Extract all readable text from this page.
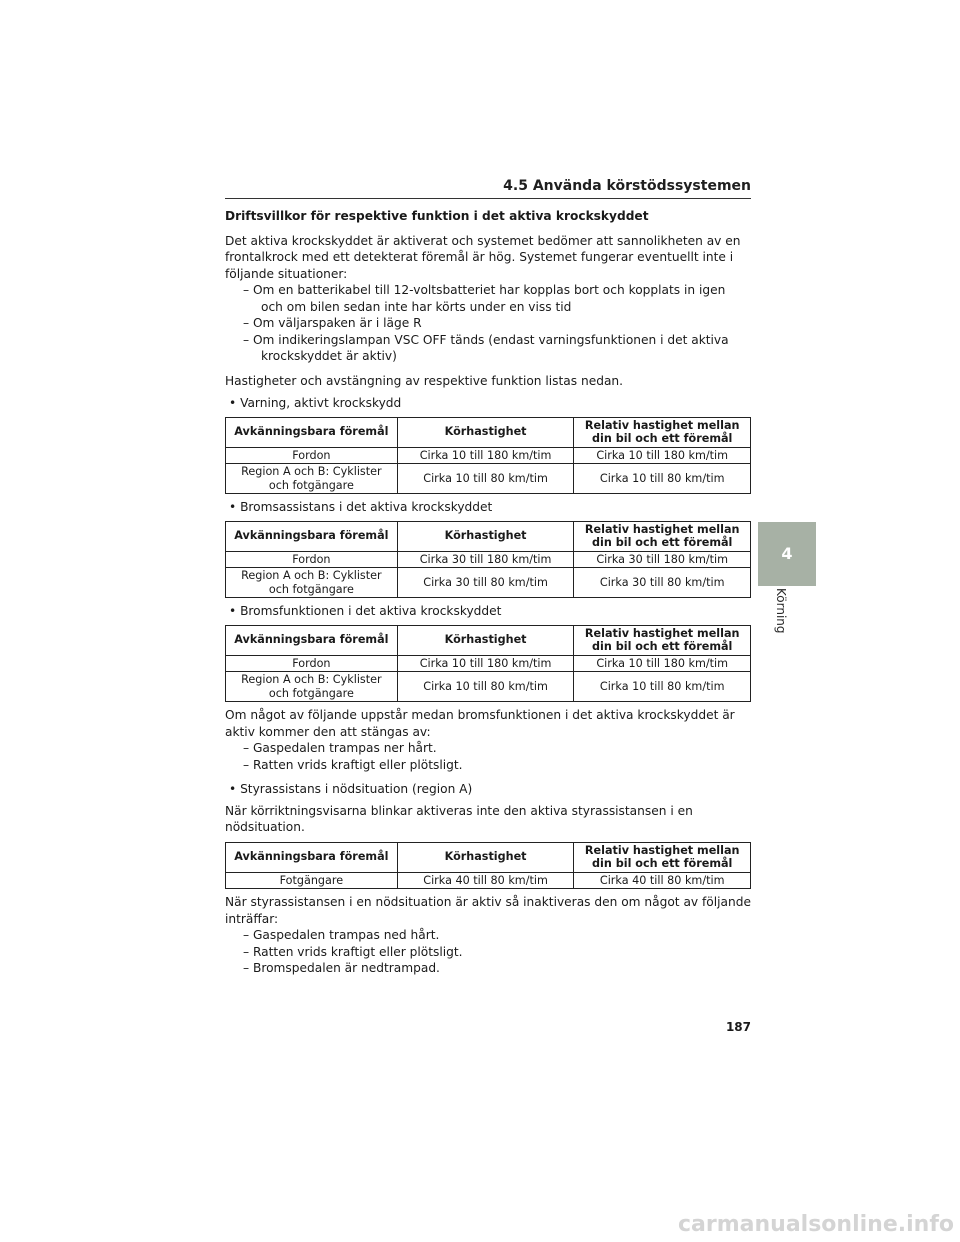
4.5 Använda körstödssystemen
4
Körning

Driftsvillkor för respektive funktion i det aktiva krockskyddet

Det aktiva krockskyddet är aktiverat och systemet bedömer att sannolikheten av en frontalkrock med ett detekterat föremål är hög. Systemet fungerar eventuellt inte i följande situationer:

– Om en batterikabel till 12-voltsbatteriet har kopplas bort och kopplats in igen och om bilen sedan inte har körts under en viss tid

– Om väljarspaken är i läge R

– Om indikeringslampan VSC OFF tänds (endast varningsfunktionen i det aktiva krockskyddet är aktiv)

Hastigheter och avstängning av respektive funktion listas nedan.

• Varning, aktivt krockskydd

Avkänningsbara föremål	Körhastighet	Relativ hastighet mellan din bil och ett föremål
Fordon	Cirka 10 till 180 km/tim	Cirka 10 till 180 km/tim
Region A och B: Cyklister och fotgängare	Cirka 10 till 80 km/tim	Cirka 10 till 80 km/tim

• Bromsassistans i det aktiva krockskyddet

Avkänningsbara föremål	Körhastighet	Relativ hastighet mellan din bil och ett föremål
Fordon	Cirka 30 till 180 km/tim	Cirka 30 till 180 km/tim
Region A och B: Cyklister och fotgängare	Cirka 30 till 80 km/tim	Cirka 30 till 80 km/tim

• Bromsfunktionen i det aktiva krockskyddet

Avkänningsbara föremål	Körhastighet	Relativ hastighet mellan din bil och ett föremål
Fordon	Cirka 10 till 180 km/tim	Cirka 10 till 180 km/tim
Region A och B: Cyklister och fotgängare	Cirka 10 till 80 km/tim	Cirka 10 till 80 km/tim

Om något av följande uppstår medan bromsfunktionen i det aktiva krockskyddet är aktiv kommer den att stängas av:

– Gaspedalen trampas ner hårt.

– Ratten vrids kraftigt eller plötsligt.

• Styrassistans i nödsituation (region A)

När körriktningsvisarna blinkar aktiveras inte den aktiva styrassistansen i en nödsituation.

Avkänningsbara föremål	Körhastighet	Relativ hastighet mellan din bil och ett föremål
Fotgängare	Cirka 40 till 80 km/tim	Cirka 40 till 80 km/tim

När styrassistansen i en nödsituation är aktiv så inaktiveras den om något av följande inträffar:

– Gaspedalen trampas ned hårt.

– Ratten vrids kraftigt eller plötsligt.

– Bromspedalen är nedtrampad.

187
carmanualsonline.info
